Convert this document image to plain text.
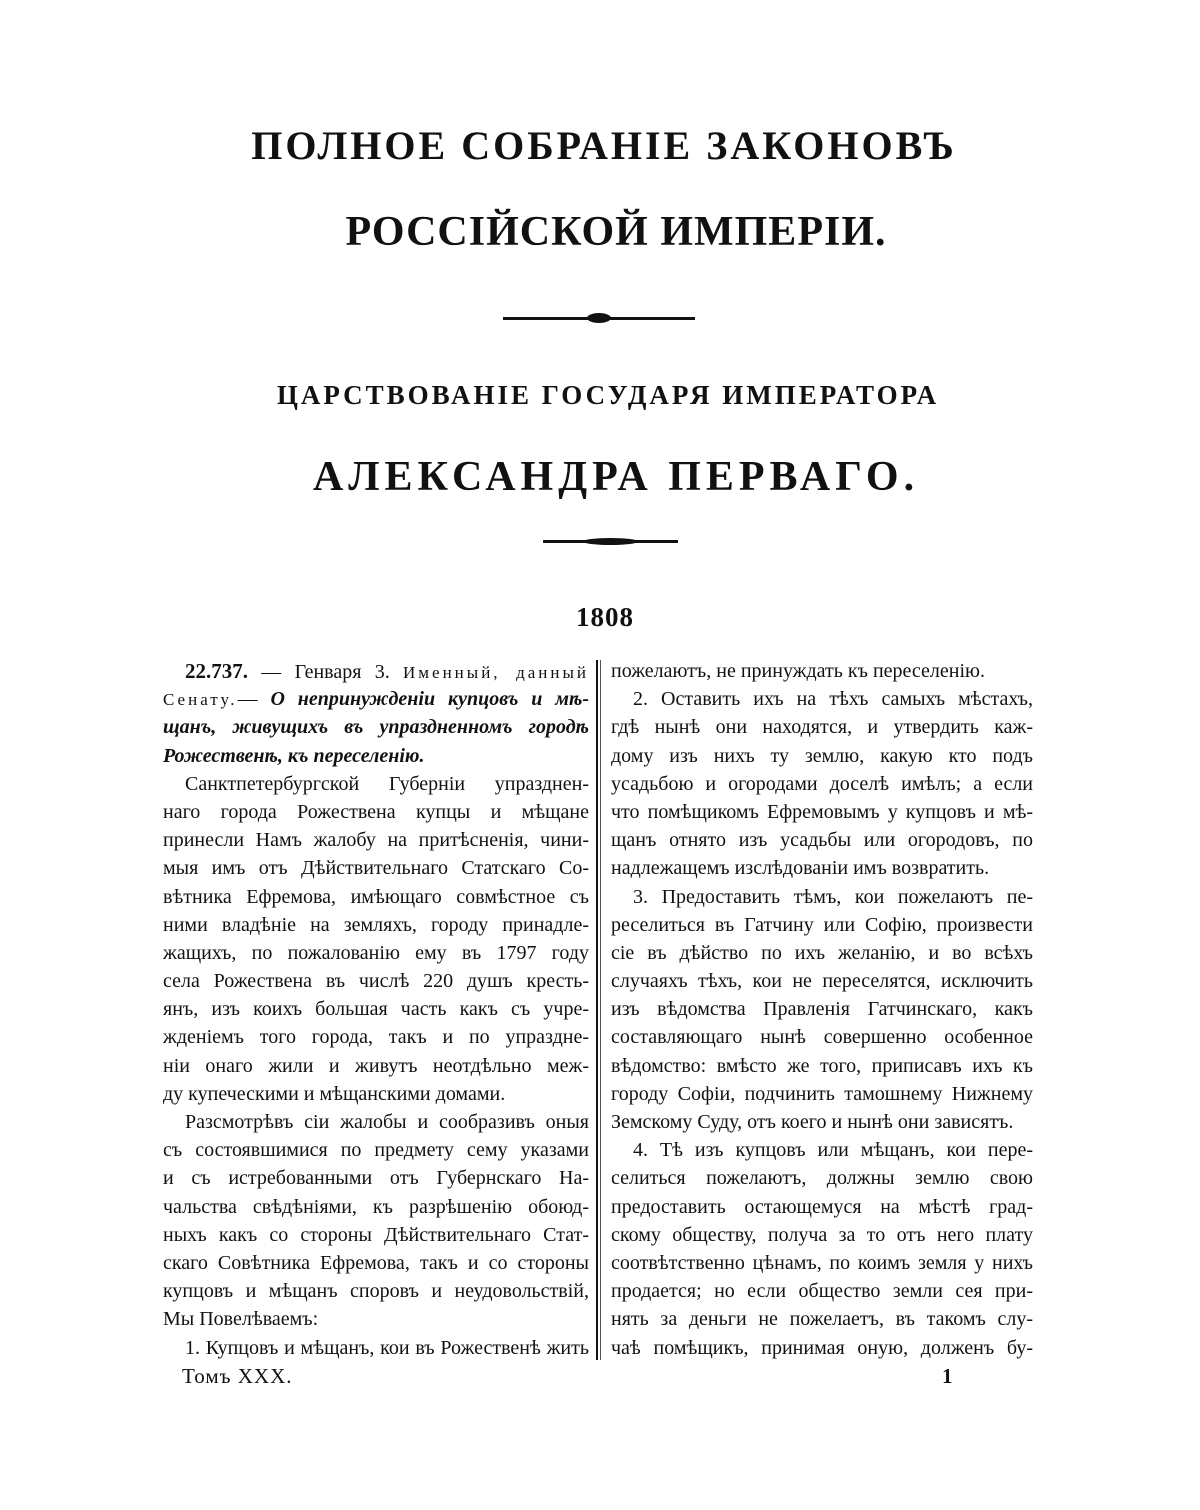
ПОЛНОЕ СОБРАНІЕ ЗАКОНОВЪ
РОССІЙСКОЙ ИМПЕРІИ.
ЦАРСТВОВАНІЕ ГОСУДАРЯ ИМПЕРАТОРА
АЛЕКСАНДРА ПЕРВАГО.
1808
22.737. — Генваря 3. Именный, данный
Сенату.— О непринужденіи купцовъ и мѣ-
щанъ, живущихъ въ упраздненномъ городѣ
Рожественѣ, къ переселенію.
Санктпетербургской Губерніи упразднен-
наго города Рожествена купцы и мѣщане
принесли Намъ жалобу на притѣсненія, чини-
мыя имъ отъ Дѣйствительнаго Статскаго Со-
вѣтника Ефремова, имѣющаго совмѣстное съ
ними владѣніе на земляхъ, городу принадле-
жащихъ, по пожалованію ему въ 1797 году
села Рожествена въ числѣ 220 душъ кресть-
янъ, изъ коихъ большая часть какъ съ учре-
жденіемъ того города, такъ и по упраздне-
ніи онаго жили и живутъ неотдѣльно меж-
ду купеческими и мѣщанскими домами.
Разсмотрѣвъ сіи жалобы и сообразивъ оныя
съ состоявшимися по предмету сему указами
и съ истребованными отъ Губернскаго На-
чальства свѣдѣніями, къ разрѣшенію обоюд-
ныхъ какъ со стороны Дѣйствительнаго Стат-
скаго Совѣтника Ефремова, такъ и со стороны
купцовъ и мѣщанъ споровъ и неудовольствій,
Мы Повелѣваемъ:
1. Купцовъ и мѣщанъ, кои въ Рожественѣ жить
пожелаютъ, не принуждать къ переселенію.
2. Оставить ихъ на тѣхъ самыхъ мѣстахъ,
гдѣ нынѣ они находятся, и утвердить каж-
дому изъ нихъ ту землю, какую кто подъ
усадьбою и огородами доселѣ имѣлъ; а если
что помѣщикомъ Ефремовымъ у купцовъ и мѣ-
щанъ отнято изъ усадьбы или огородовъ, по
надлежащемъ изслѣдованіи имъ возвратить.
3. Предоставить тѣмъ, кои пожелаютъ пе-
реселиться въ Гатчину или Софію, произвести
сіе въ дѣйство по ихъ желанію, и во всѣхъ
случаяхъ тѣхъ, кои не переселятся, исключить
изъ вѣдомства Правленія Гатчинскаго, какъ
составляющаго нынѣ совершенно особенное
вѣдомство: вмѣсто же того, приписавъ ихъ къ
городу Софіи, подчинить тамошнему Нижнему
Земскому Суду, отъ коего и нынѣ они зависятъ.
4. Тѣ изъ купцовъ или мѣщанъ, кои пере-
селиться пожелаютъ, должны землю свою
предоставить остающемуся на мѣстѣ град-
скому обществу, получа за то отъ него плату
соотвѣтственно цѣнамъ, по коимъ земля у нихъ
продается; но если общество земли сея при-
нять за деньги не пожелаетъ, въ такомъ слу-
чаѣ помѣщикъ, принимая оную, долженъ бу-
Томъ XXX.	1
